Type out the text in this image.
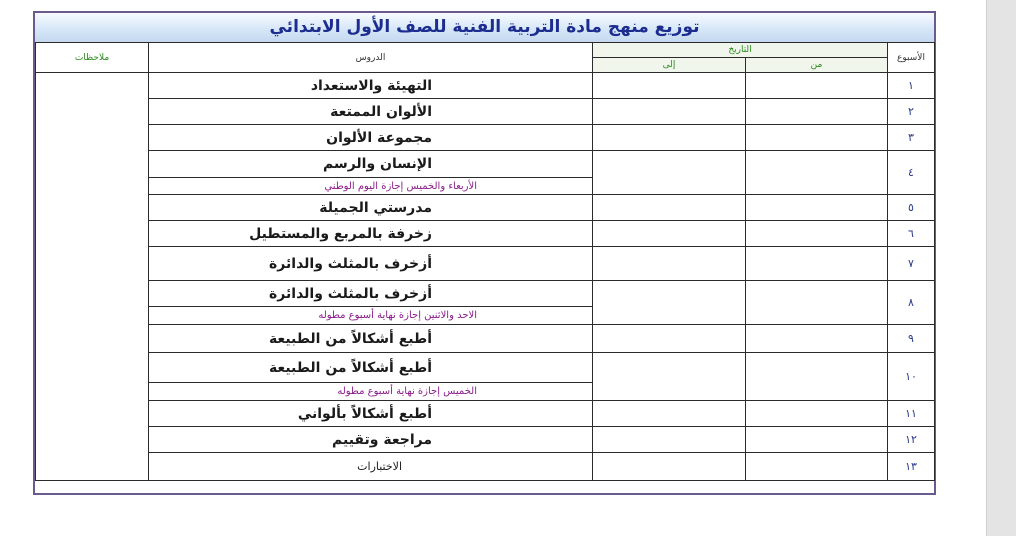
توزيع منهج مادة التربية الفنية للصف الأول الابتدائي
الأسبوع	التاريخ		الدروس	ملاحظات
	من	إلى		
١			التهيئة والاستعداد	
٢			الألوان الممتعة	
٣			مجموعة الألوان	
٤			الإنسان والرسم	
			الأربعاء والخميس إجازة اليوم الوطني	
٥			مدرستي الجميلة	
٦			زخرفة بالمربع والمستطيل	
٧			أزخرف بالمثلث والدائرة	
٨			أزخرف بالمثلث والدائرة	
			الاحد والاثنين إجازة نهاية أسبوع مطوله	
٩			أطبع أشكالاً من الطبيعة	
١٠			أطبع أشكالاً من الطبيعة	
			الخميس إجازة نهاية أسبوع مطوله	
١١			أطبع أشكالاً بألواني	
١٢			مراجعة وتقييم	
١٣			الاختبارات	
